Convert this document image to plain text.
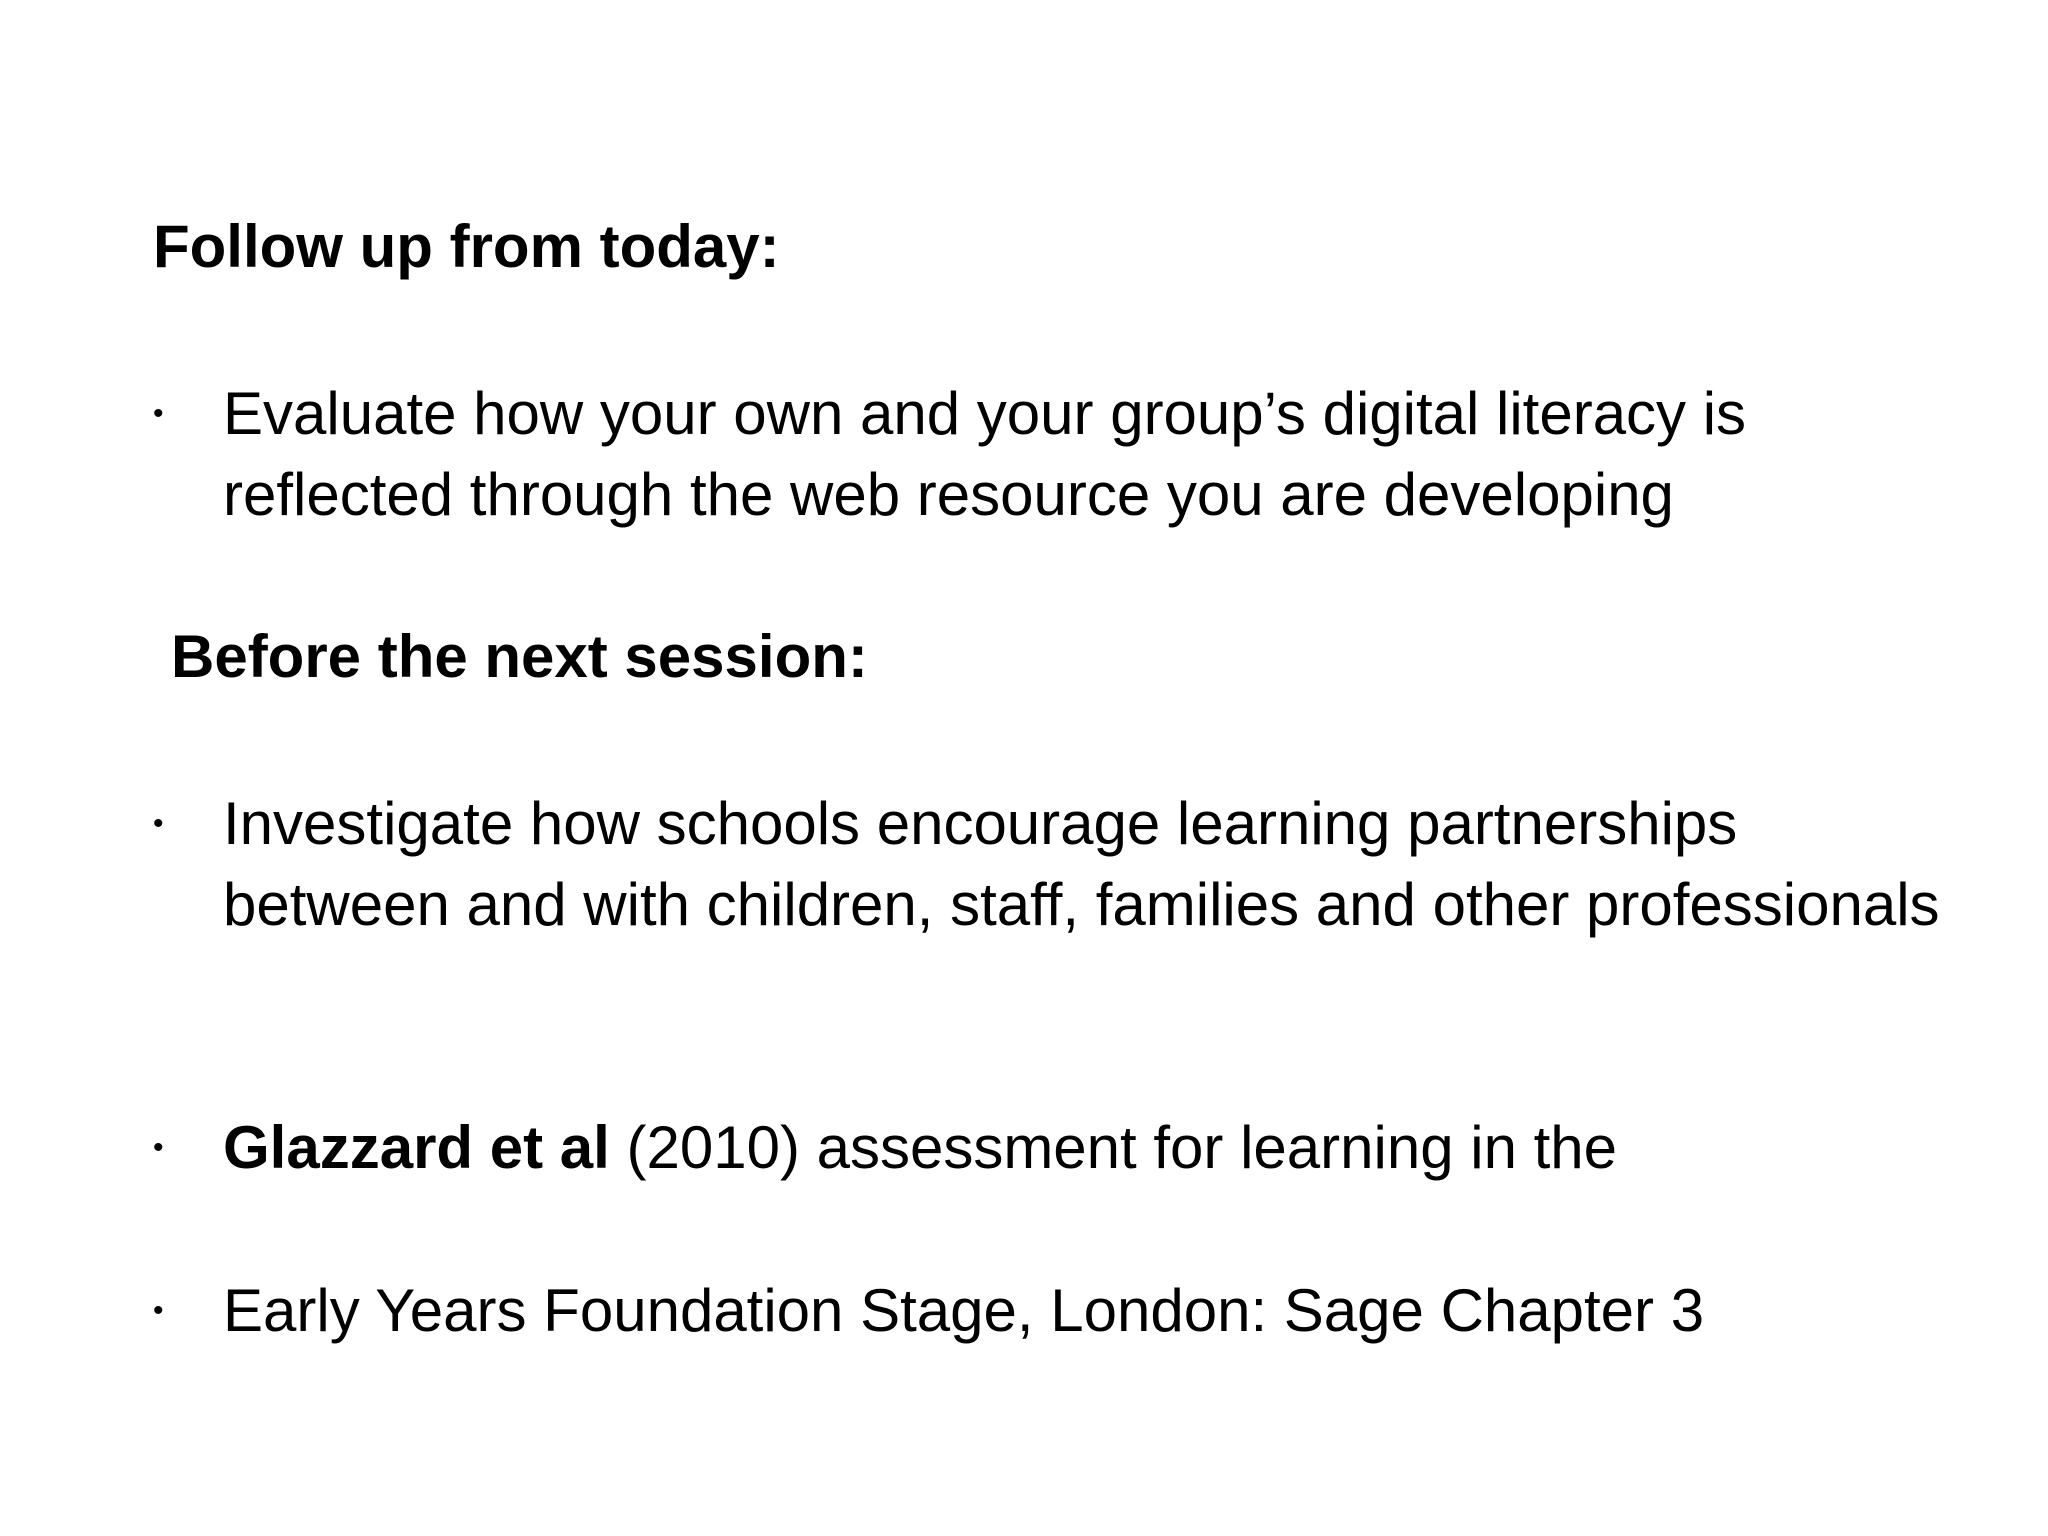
Follow up from today:
• Evaluate how your own and your group’s digital literacy is reflected through the web resource you are developing
Before the next session:
• Investigate how schools encourage learning partnerships between and with children, staff, families and other professionals
• Glazzard et al (2010) assessment for learning in the
• Early Years Foundation Stage, London: Sage Chapter 3
